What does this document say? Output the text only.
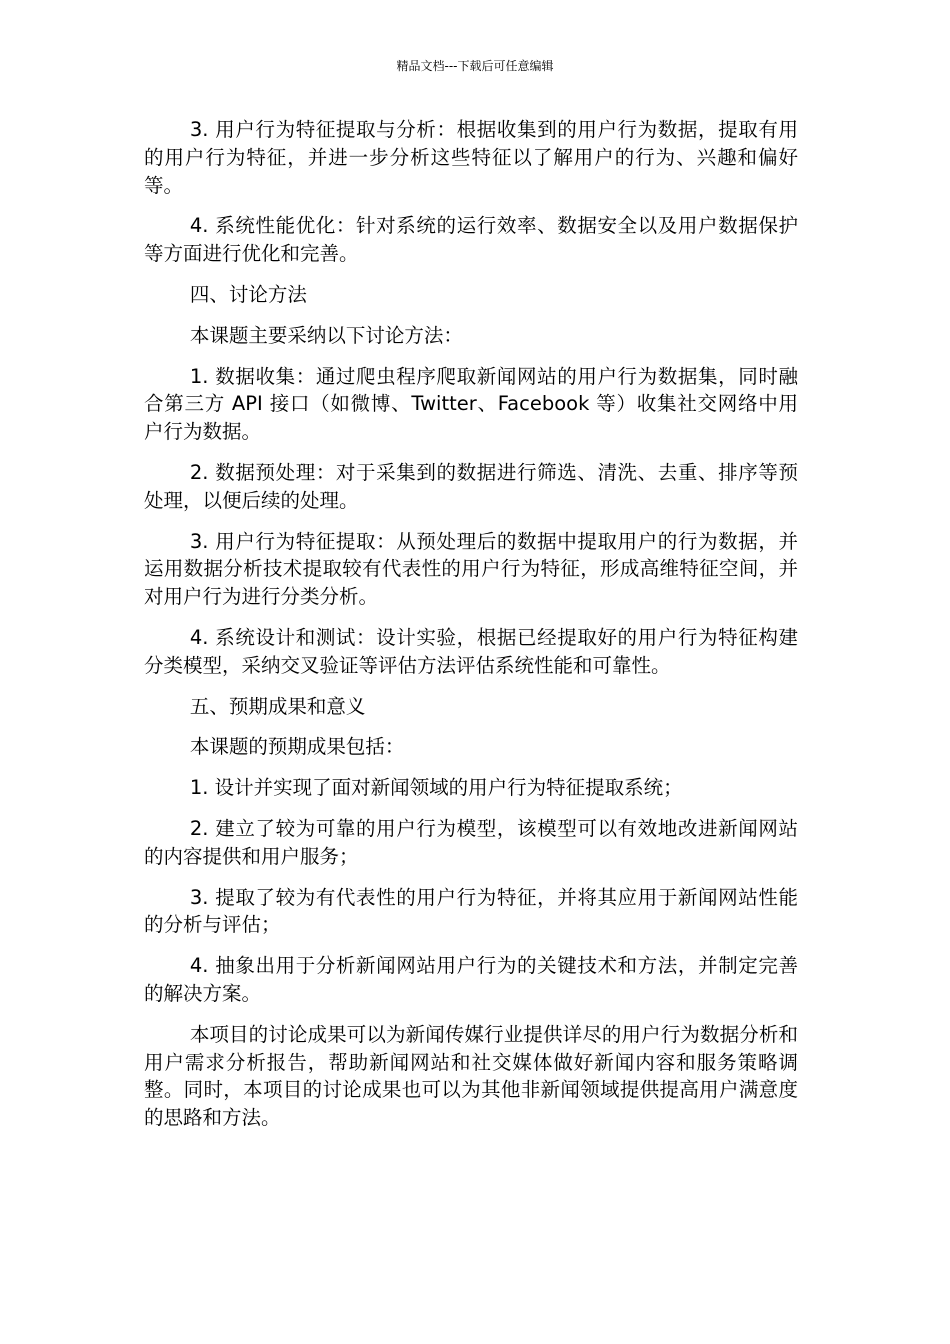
精品文档---下载后可任意编辑

3. 用户行为特征提取与分析：根据收集到的用户行为数据，提取有用的用户行为特征，并进一步分析这些特征以了解用户的行为、兴趣和偏好等。

4. 系统性能优化：针对系统的运行效率、数据安全以及用户数据保护等方面进行优化和完善。

四、讨论方法

本课题主要采纳以下讨论方法：

1. 数据收集：通过爬虫程序爬取新闻网站的用户行为数据集，同时融合第三方 API 接口（如微博、Twitter、Facebook 等）收集社交网络中用户行为数据。

2. 数据预处理：对于采集到的数据进行筛选、清洗、去重、排序等预处理，以便后续的处理。

3. 用户行为特征提取：从预处理后的数据中提取用户的行为数据，并运用数据分析技术提取较有代表性的用户行为特征，形成高维特征空间，并对用户行为进行分类分析。

4. 系统设计和测试：设计实验，根据已经提取好的用户行为特征构建分类模型，采纳交叉验证等评估方法评估系统性能和可靠性。

五、预期成果和意义

本课题的预期成果包括：

1. 设计并实现了面对新闻领域的用户行为特征提取系统；

2. 建立了较为可靠的用户行为模型，该模型可以有效地改进新闻网站的内容提供和用户服务；

3. 提取了较为有代表性的用户行为特征，并将其应用于新闻网站性能的分析与评估；

4. 抽象出用于分析新闻网站用户行为的关键技术和方法，并制定完善的解决方案。

本项目的讨论成果可以为新闻传媒行业提供详尽的用户行为数据分析和用户需求分析报告，帮助新闻网站和社交媒体做好新闻内容和服务策略调整。同时，本项目的讨论成果也可以为其他非新闻领域提供提高用户满意度的思路和方法。
